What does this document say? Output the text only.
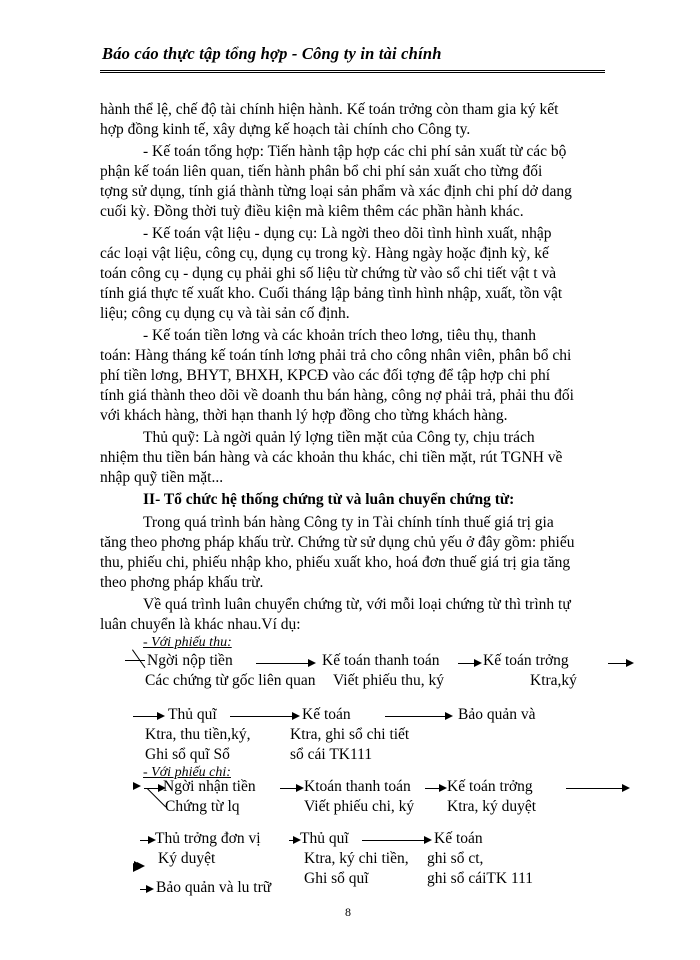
Báo cáo thực tập tổng hợp - Công ty in tài chính
hành thể lệ, chế độ tài chính hiện hành. Kế toán trởng còn tham gia ký kết
hợp đồng kinh tế, xây dựng kế hoạch tài chính cho Công ty.
- Kế toán tổng hợp: Tiến hành tập hợp các chi phí sản xuất từ các bộ
phận kế toán liên quan, tiến hành phân bổ chi phí sản xuất cho từng đối
tợng sử dụng, tính giá thành từng loại sản phẩm và xác định chi phí dở dang
cuối kỳ. Đồng thời tuỳ điều kiện mà kiêm thêm các phần hành khác.
- Kế toán vật liệu - dụng cụ: Là ngời theo dõi tình hình xuất, nhập
các loại vật liệu, công cụ, dụng cụ trong kỳ. Hàng ngày hoặc định kỳ, kế
toán công cụ - dụng cụ phải ghi số liệu từ chứng từ vào sổ chi tiết vật t và
tính giá thực tế xuất kho. Cuối tháng lập bảng tình hình nhập, xuất, tồn vật
liệu; công cụ dụng cụ và tài sản cố định.
- Kế toán tiền lơng và các khoản trích theo lơng, tiêu thụ, thanh
toán: Hàng tháng kế toán tính lơng phải trả cho công nhân viên, phân bổ chi
phí tiền lơng, BHYT, BHXH, KPCĐ vào các đối tợng để tập hợp chi phí
tính giá thành theo dõi về doanh thu bán hàng, công nợ phải trả, phải thu đối
với khách hàng, thời hạn thanh lý hợp đồng cho từng khách hàng.
Thủ quỹ: Là ngời quản lý lợng tiền mặt của Công ty, chịu trách
nhiệm thu tiền bán hàng và các khoản thu khác, chi tiền mặt, rút TGNH về
nhập quỹ tiền mặt...
II- Tổ chức hệ thống chứng từ và luân chuyển chứng từ:
Trong quá trình bán hàng Công ty in Tài chính tính thuế giá trị gia
tăng theo phơng pháp khấu trừ. Chứng từ sử dụng chủ yếu ở đây gồm: phiếu
thu, phiếu chi, phiếu nhập kho, phiếu xuất kho, hoá đơn thuế giá trị gia tăng
theo phơng pháp khấu trừ.
Về quá trình luân chuyển chứng từ, với mỗi loại chứng từ thì trình tự
luân chuyển là khác nhau.Ví dụ:
- Với phiếu thu:
Ngời nộp tiền
Các chứng từ gốc liên quan
Kế toán thanh toán
Viết phiếu thu, ký
Kế toán trởng
Ktra,ký
Thủ quĩ
Ktra, thu tiền,ký,
Ghi sổ quĩ Sổ
Kế toán
Ktra, ghi sổ chi tiết
sổ cái TK111
Bảo quản và
- Với phiếu chi:
Ngời nhận tiền
Chứng từ lq
Ktoán thanh toán
Viết phiếu chi, ký
Kế toán trởng
Ktra, ký duyệt
Thủ trởng đơn vị
Ký duyệt
Thủ quĩ
Ktra, ký chi tiền,
Ghi sổ quĩ
Kế toán
ghi sổ ct,
ghi sổ cáiTK 111
Bảo quản và lu trữ
8
